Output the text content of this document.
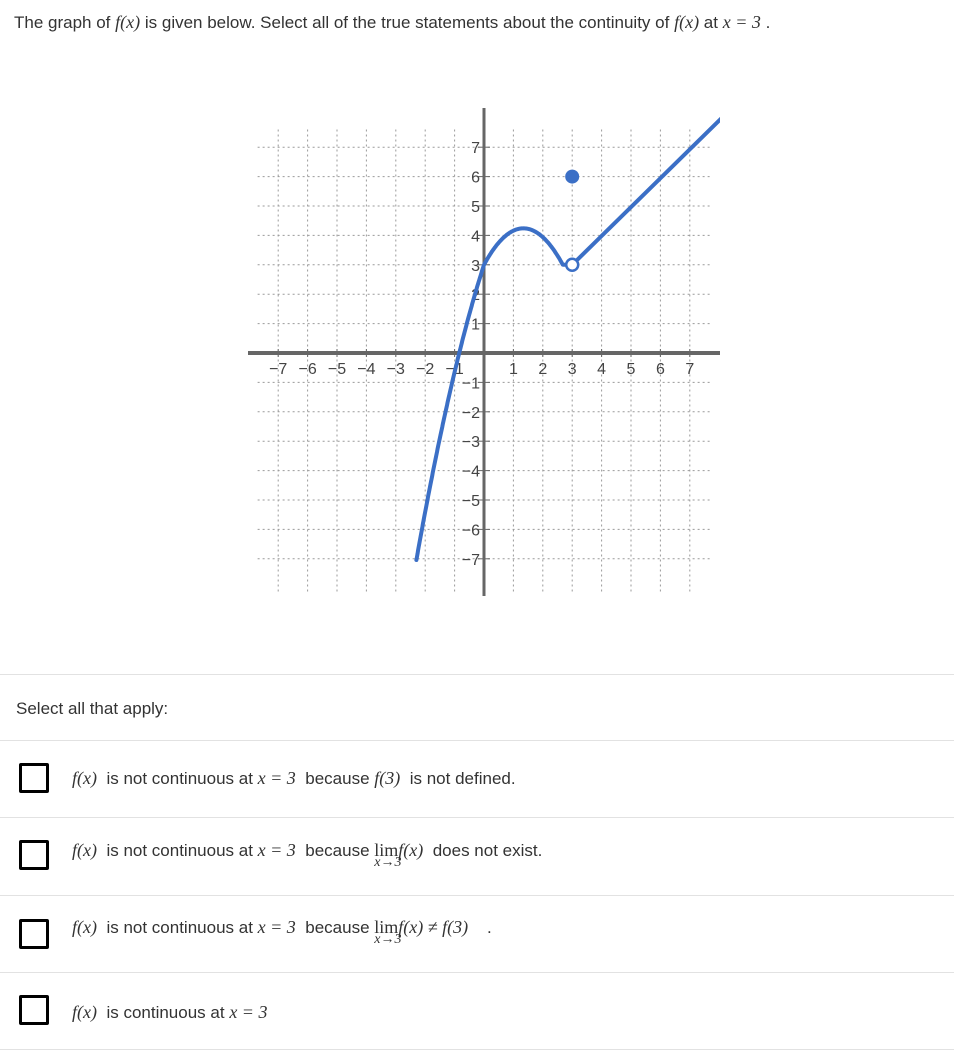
The graph of f(x) is given below. Select all of the true statements about the continuity of f(x) at x = 3 .
−7 −6 −5 −4 −3 −2 −1	1 2 3 4 5 6 7
7
6
5
4
3
2
1
−1
−2
−3
−4
−5
−6
−7
Select all that apply:
f(x) is not continuous at x = 3 because f(3) is not defined.
f(x) is not continuous at x = 3 because lim
x→3
f(x) does not exist.
f(x) is not continuous at x = 3 because lim
x→3
f(x) ≠ f(3) .
f(x) is continuous at x = 3
